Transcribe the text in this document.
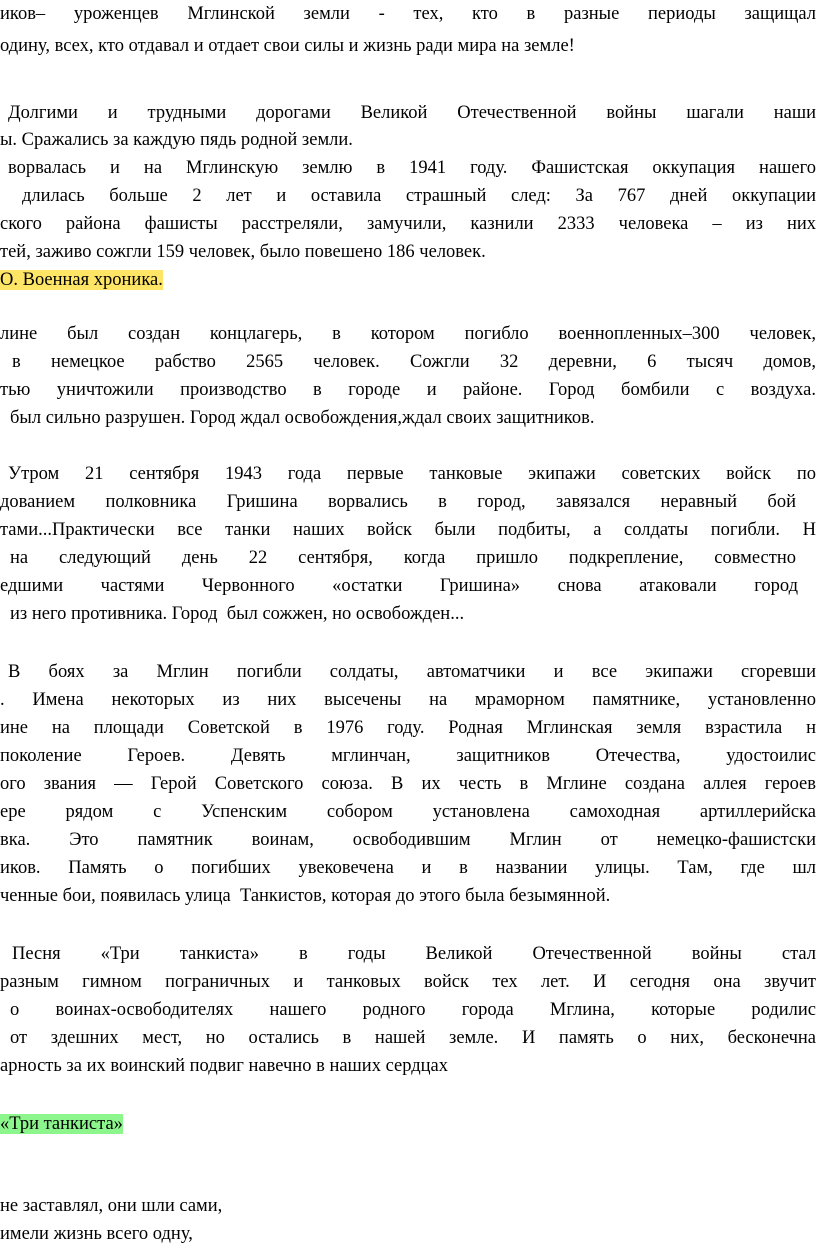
иков– уроженцев Мглинской земли - тех, кто в разные периоды защищал
одину, всех, кто отдавал и отдает свои силы и жизнь ради мира на земле!
Долгими и трудными дорогами Великой Отечественной войны шагали наши
ы. Сражались за каждую пядь родной земли.
ворвалась и на Мглинскую землю в 1941 году. Фашистская оккупация нашего
длилась больше 2 лет и оставила страшный след: За 767 дней оккупации
ского района фашисты расстреляли, замучили, казнили 2333 человека – из них
тей, заживо сожгли 159 человек, было повешено 186 человек.
О. Военная хроника.
лине был создан концлагерь, в котором погибло военнопленных–300 человек,
в немецкое рабство 2565 человек. Сожгли 32 деревни, 6 тысяч домов,
тью уничтожили производство в городе и районе. Город бомбили с воздуха.
был сильно разрушен. Город ждал освобождения,ждал своих защитников.
Утром 21 сентября 1943 года первые танковые экипажи советских войск по
дованием полковника Гришина ворвались в город, завязался неравный бой
тами...Практически все танки наших войск были подбиты, а солдаты погибли. Н
на следующий день 22 сентября, когда пришло подкрепление, совместно
едшими частями Червонного «остатки Гришина» снова атаковали город
из него противника. Город  был сожжен, но освобожден...
В боях за Мглин погибли солдаты, автоматчики и все экипажи сгоревши
. Имена некоторых из них высечены на мраморном памятнике, установленно
ине на площади Советской в 1976 году. Родная Мглинская земля взрастила н
поколение Героев. Девять мглинчан, защитников Отечества, удостоилис
ого звания — Герой Советского союза. В их честь в Мглине создана аллея героев
ере рядом с Успенским собором установлена самоходная артиллерийска
вка. Это памятник воинам, освободившим Мглин от немецко-фашистски
иков. Память о погибших увековечена и в названии улицы. Там, где шл
ченные бои, появилась улица  Танкистов, которая до этого была безымянной.
Песня «Три танкиста» в годы Великой Отечественной войны стал
разным гимном пограничных и танковых войск тех лет. И сегодня она звучит
о воинах-освободителях нашего родного города Мглина, которые родилис
от здешних мест, но остались в нашей земле. И память о них, бесконечна
арность за их воинский подвиг навечно в наших сердцах
«Три танкиста»
не заставлял, они шли сами,
имели жизнь всего одну,
